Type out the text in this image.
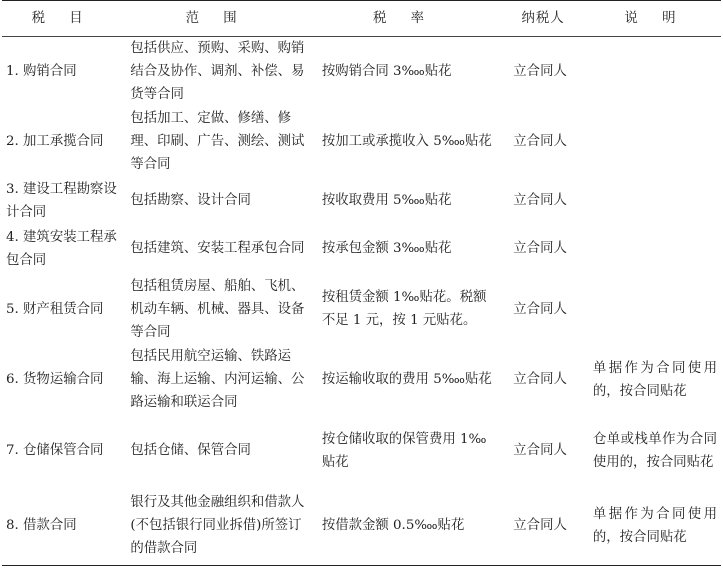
税 目	范 围	税 率	纳税人	说 明
1. 购销合同	包括供应、预购、采购、购销结合及协作、调剂、补偿、易货等合同	按购销合同 3‱贴花	立合同人	
2. 加工承揽合同	包括加工、定做、修缮、修理、印刷、广告、测绘、测试等合同	按加工或承揽收入 5‱贴花	立合同人	
3. 建设工程勘察设计合同	包括勘察、设计合同	按收取费用 5‱贴花	立合同人	
4. 建筑安装工程承包合同	包括建筑、安装工程承包合同	按承包金额 3‱贴花	立合同人	
5. 财产租赁合同	包括租赁房屋、船舶、飞机、机动车辆、机械、器具、设备等合同	按租赁金额 1‰贴花。税额不足 1 元，按 1 元贴花。	立合同人	
6. 货物运输合同	包括民用航空运输、铁路运输、海上运输、内河运输、公路运输和联运合同	按运输收取的费用 5‱贴花	立合同人	单据作为合同使用的，按合同贴花
7. 仓储保管合同	包括仓储、保管合同	按仓储收取的保管费用 1‰贴花	立合同人	仓单或栈单作为合同使用的，按合同贴花
8. 借款合同	银行及其他金融组织和借款人(不包括银行同业拆借)所签订的借款合同	按借款金额 0.5‱贴花	立合同人	单据作为合同使用的，按合同贴花
